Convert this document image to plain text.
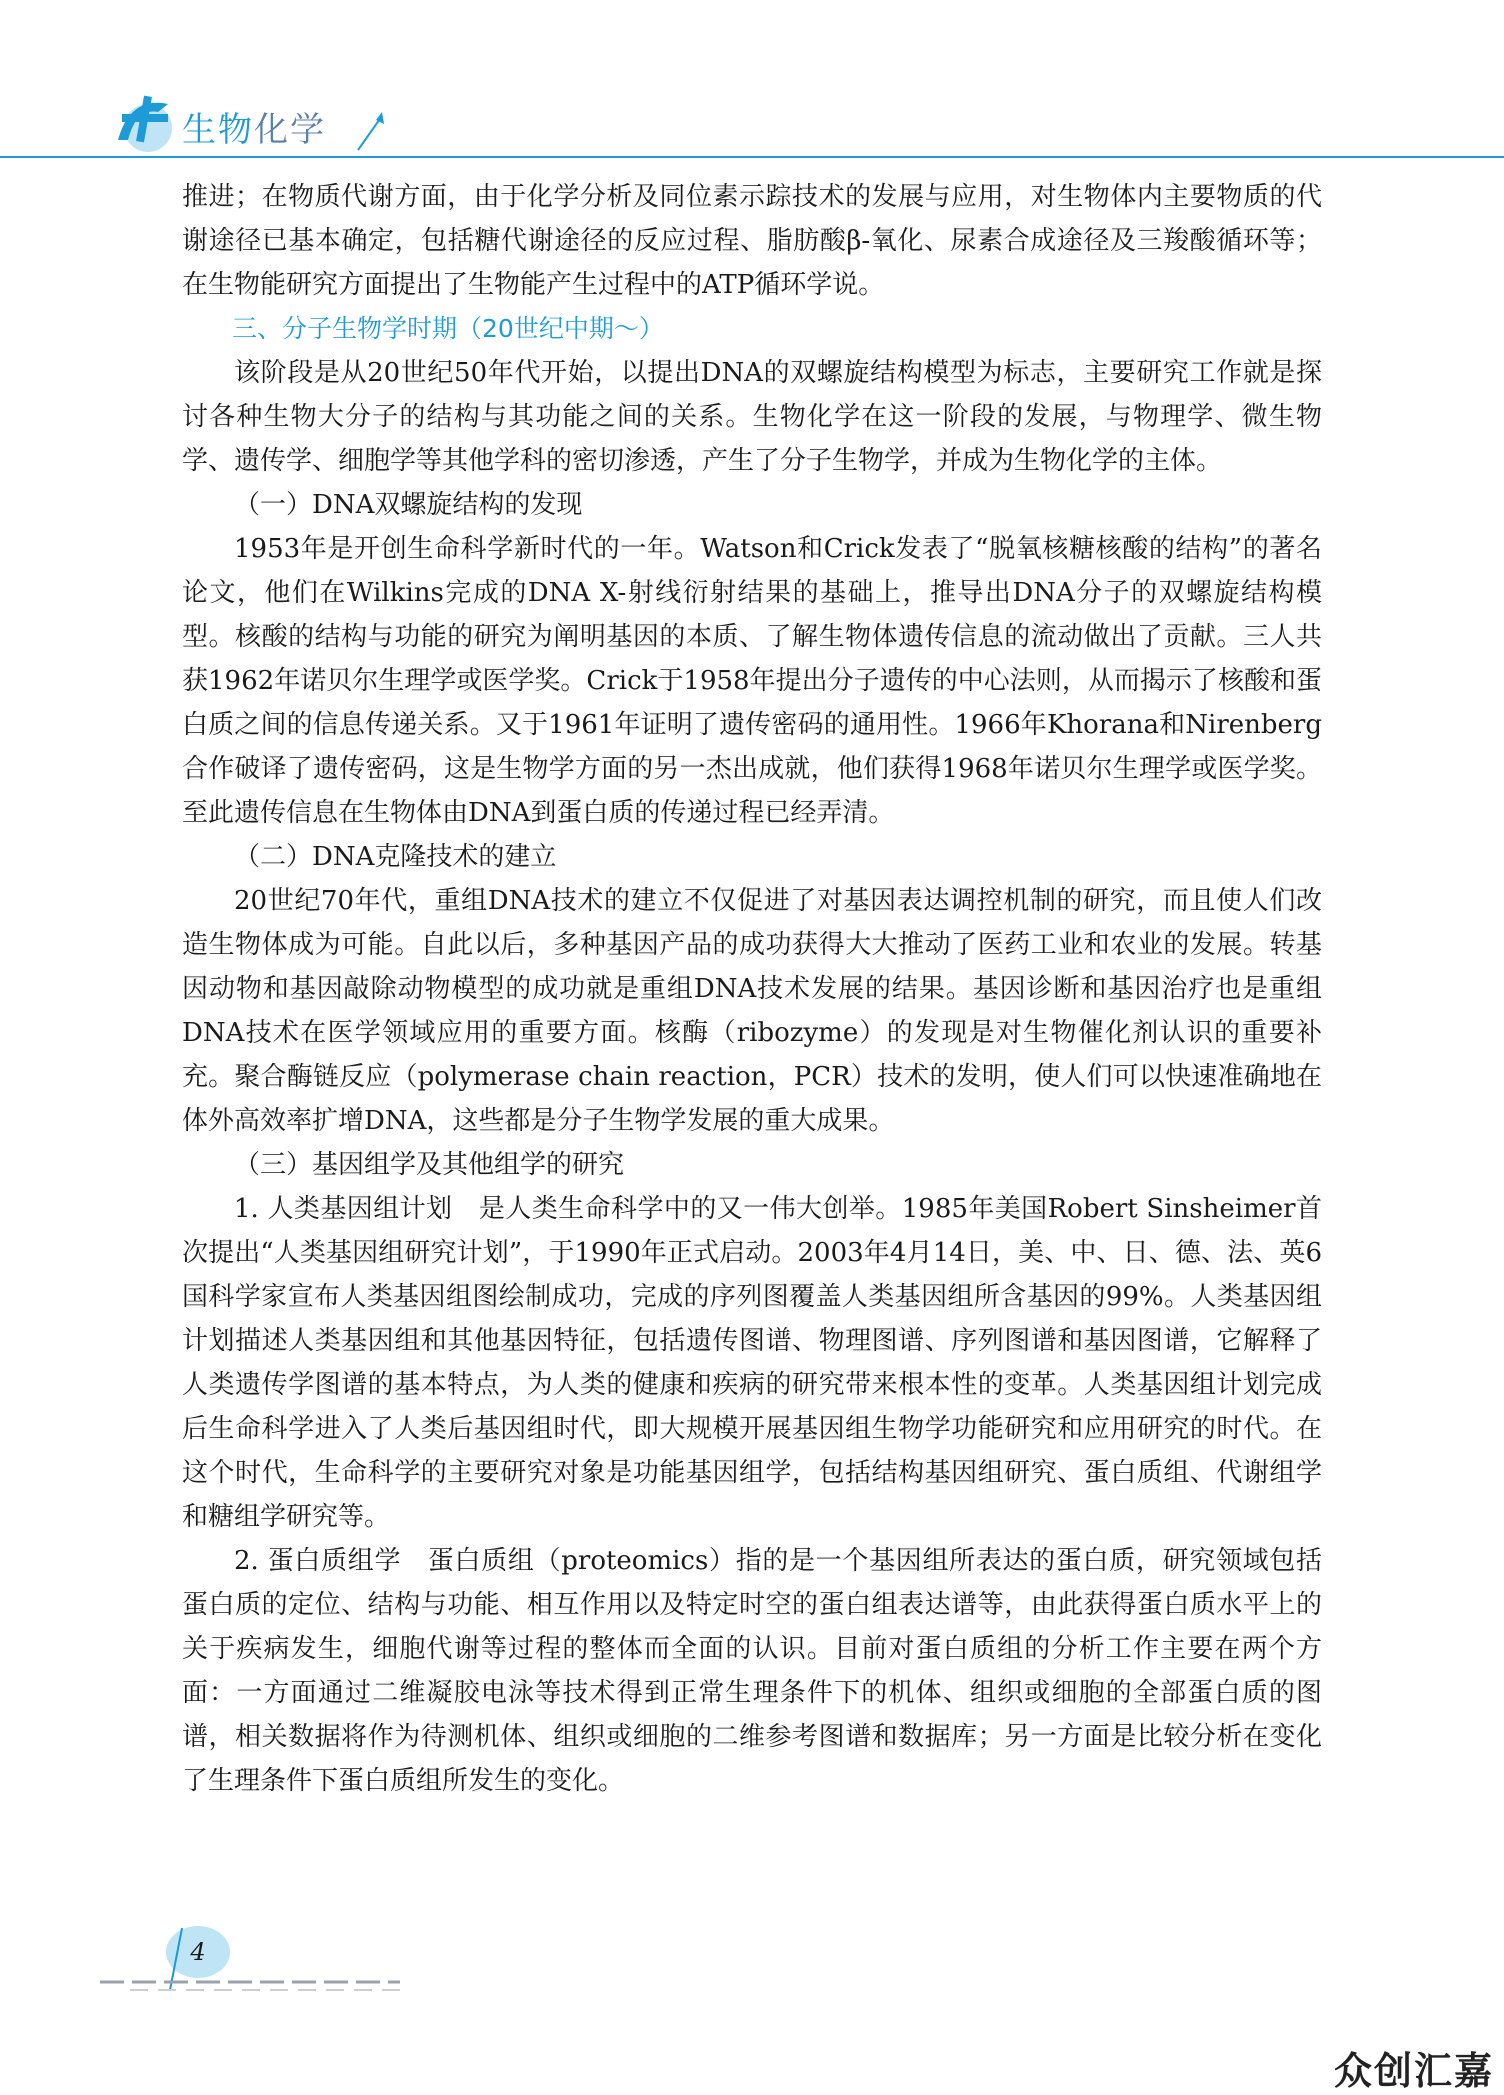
生物化学

推进；在物质代谢方面，由于化学分析及同位素示踪技术的发展与应用，对生物体内主要物质的代谢途径已基本确定，包括糖代谢途径的反应过程、脂肪酸β-氧化、尿素合成途径及三羧酸循环等；在生物能研究方面提出了生物能产生过程中的ATP循环学说。

三、分子生物学时期（20世纪中期～）

该阶段是从20世纪50年代开始，以提出DNA的双螺旋结构模型为标志，主要研究工作就是探讨各种生物大分子的结构与其功能之间的关系。生物化学在这一阶段的发展，与物理学、微生物学、遗传学、细胞学等其他学科的密切渗透，产生了分子生物学，并成为生物化学的主体。

（一）DNA双螺旋结构的发现

1953年是开创生命科学新时代的一年。Watson和Crick发表了“脱氧核糖核酸的结构”的著名论文，他们在Wilkins完成的DNA X-射线衍射结果的基础上，推导出DNA分子的双螺旋结构模型。核酸的结构与功能的研究为阐明基因的本质、了解生物体遗传信息的流动做出了贡献。三人共获1962年诺贝尔生理学或医学奖。Crick于1958年提出分子遗传的中心法则，从而揭示了核酸和蛋白质之间的信息传递关系。又于1961年证明了遗传密码的通用性。1966年Khorana和Nirenberg合作破译了遗传密码，这是生物学方面的另一杰出成就，他们获得1968年诺贝尔生理学或医学奖。至此遗传信息在生物体由DNA到蛋白质的传递过程已经弄清。

（二）DNA克隆技术的建立

20世纪70年代，重组DNA技术的建立不仅促进了对基因表达调控机制的研究，而且使人们改造生物体成为可能。自此以后，多种基因产品的成功获得大大推动了医药工业和农业的发展。转基因动物和基因敲除动物模型的成功就是重组DNA技术发展的结果。基因诊断和基因治疗也是重组DNA技术在医学领域应用的重要方面。核酶（ribozyme）的发现是对生物催化剂认识的重要补充。聚合酶链反应（polymerase chain reaction，PCR）技术的发明，使人们可以快速准确地在体外高效率扩增DNA，这些都是分子生物学发展的重大成果。

（三）基因组学及其他组学的研究

1. 人类基因组计划　是人类生命科学中的又一伟大创举。1985年美国Robert Sinsheimer首次提出“人类基因组研究计划”，于1990年正式启动。2003年4月14日，美、中、日、德、法、英6国科学家宣布人类基因组图绘制成功，完成的序列图覆盖人类基因组所含基因的99%。人类基因组计划描述人类基因组和其他基因特征，包括遗传图谱、物理图谱、序列图谱和基因图谱，它解释了人类遗传学图谱的基本特点，为人类的健康和疾病的研究带来根本性的变革。人类基因组计划完成后生命科学进入了人类后基因组时代，即大规模开展基因组生物学功能研究和应用研究的时代。在这个时代，生命科学的主要研究对象是功能基因组学，包括结构基因组研究、蛋白质组、代谢组学和糖组学研究等。

2. 蛋白质组学　蛋白质组（proteomics）指的是一个基因组所表达的蛋白质，研究领域包括蛋白质的定位、结构与功能、相互作用以及特定时空的蛋白组表达谱等，由此获得蛋白质水平上的关于疾病发生，细胞代谢等过程的整体而全面的认识。目前对蛋白质组的分析工作主要在两个方面：一方面通过二维凝胶电泳等技术得到正常生理条件下的机体、组织或细胞的全部蛋白质的图谱，相关数据将作为待测机体、组织或细胞的二维参考图谱和数据库；另一方面是比较分析在变化了生理条件下蛋白质组所发生的变化。

4
众创汇嘉
